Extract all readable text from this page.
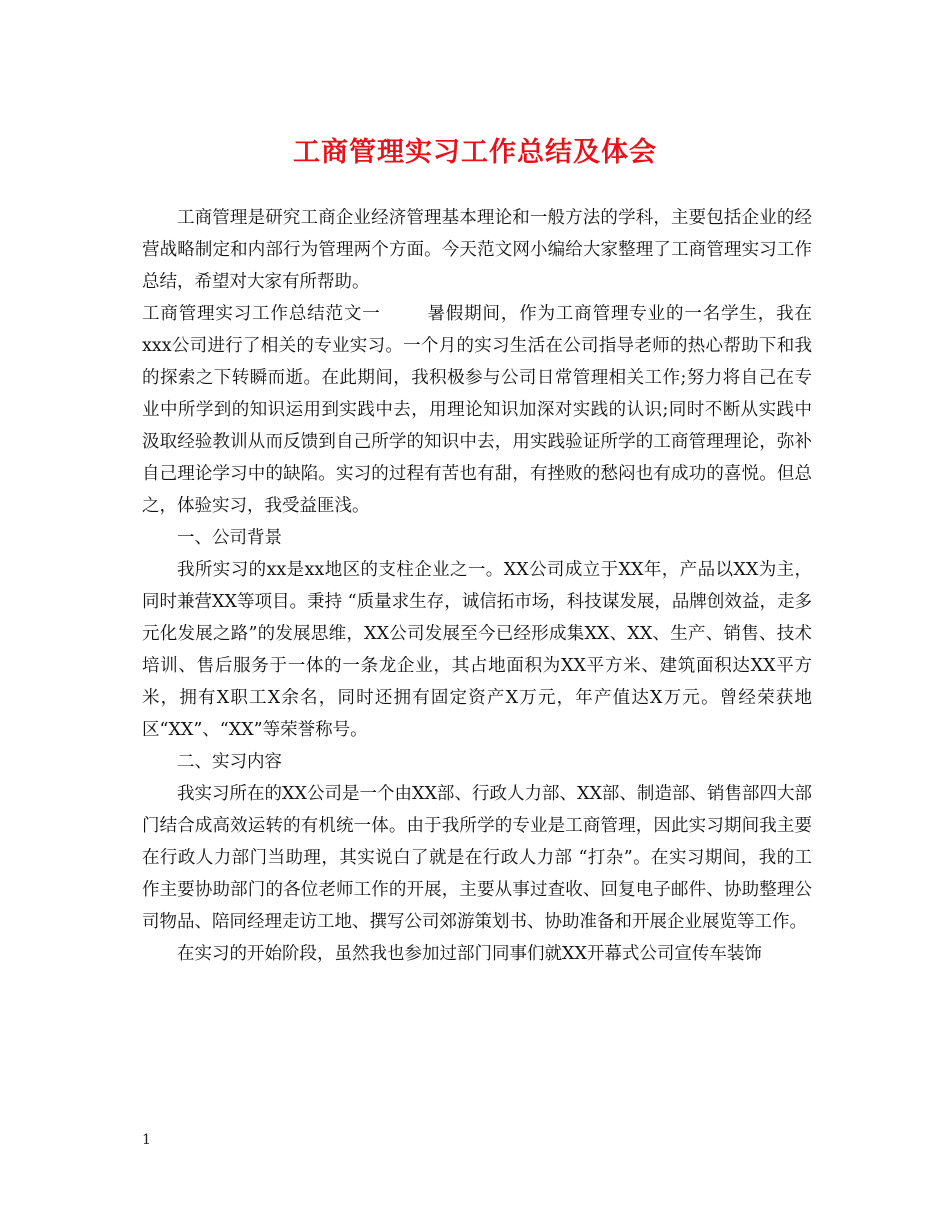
工商管理实习工作总结及体会

工商管理是研究工商企业经济管理基本理论和一般方法的学科，主要包括企业的经营战略制定和内部行为管理两个方面。今天范文网小编给大家整理了工商管理实习工作总结，希望对大家有所帮助。

工商管理实习工作总结范文一	暑假期间，作为工商管理专业的一名学生，我在xxx公司进行了相关的专业实习。一个月的实习生活在公司指导老师的热心帮助下和我的探索之下转瞬而逝。在此期间，我积极参与公司日常管理相关工作;努力将自己在专业中所学到的知识运用到实践中去，用理论知识加深对实践的认识;同时不断从实践中汲取经验教训从而反馈到自己所学的知识中去，用实践验证所学的工商管理理论，弥补自己理论学习中的缺陷。实习的过程有苦也有甜，有挫败的愁闷也有成功的喜悦。但总之，体验实习，我受益匪浅。

一、公司背景

我所实习的xx是xx地区的支柱企业之一。XX公司成立于XX年，产品以XX为主，同时兼营XX等项目。秉持 “质量求生存，诚信拓市场，科技谋发展，品牌创效益，走多元化发展之路”的发展思维，XX公司发展至今已经形成集XX、XX、生产、销售、技术培训、售后服务于一体的一条龙企业，其占地面积为XX平方米、建筑面积达XX平方米，拥有X职工X余名，同时还拥有固定资产X万元，年产值达X万元。曾经荣获地区“XX”、“XX”等荣誉称号。

二、实习内容

我实习所在的XX公司是一个由XX部、行政人力部、XX部、制造部、销售部四大部门结合成高效运转的有机统一体。由于我所学的专业是工商管理，因此实习期间我主要在行政人力部门当助理，其实说白了就是在行政人力部 “打杂”。在实习期间，我的工作主要协助部门的各位老师工作的开展，主要从事过查收、回复电子邮件、协助整理公司物品、陪同经理走访工地、撰写公司郊游策划书、协助准备和开展企业展览等工作。

在实习的开始阶段，虽然我也参加过部门同事们就XX开幕式公司宣传车装饰

1
